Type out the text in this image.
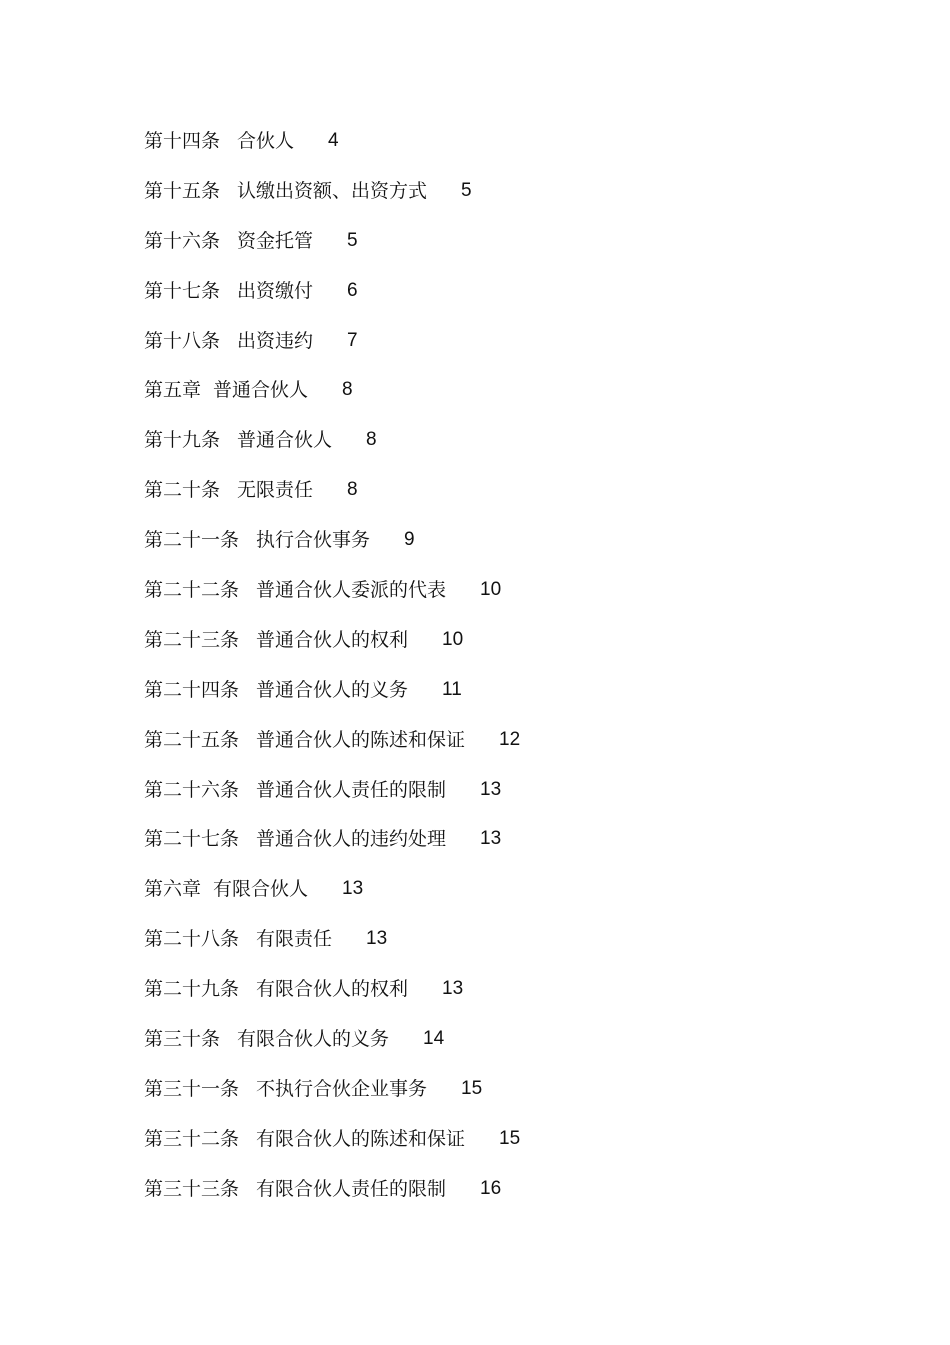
第十四条 合伙人 4
第十五条 认缴出资额、出资方式 5
第十六条 资金托管 5
第十七条 出资缴付 6
第十八条 出资违约 7
第五章 普通合伙人 8
第十九条 普通合伙人 8
第二十条 无限责任 8
第二十一条 执行合伙事务 9
第二十二条 普通合伙人委派的代表 10
第二十三条 普通合伙人的权利 10
第二十四条 普通合伙人的义务 11
第二十五条 普通合伙人的陈述和保证 12
第二十六条 普通合伙人责任的限制 13
第二十七条 普通合伙人的违约处理 13
第六章 有限合伙人 13
第二十八条 有限责任 13
第二十九条 有限合伙人的权利 13
第三十条 有限合伙人的义务 14
第三十一条 不执行合伙企业事务 15
第三十二条 有限合伙人的陈述和保证 15
第三十三条 有限合伙人责任的限制 16
